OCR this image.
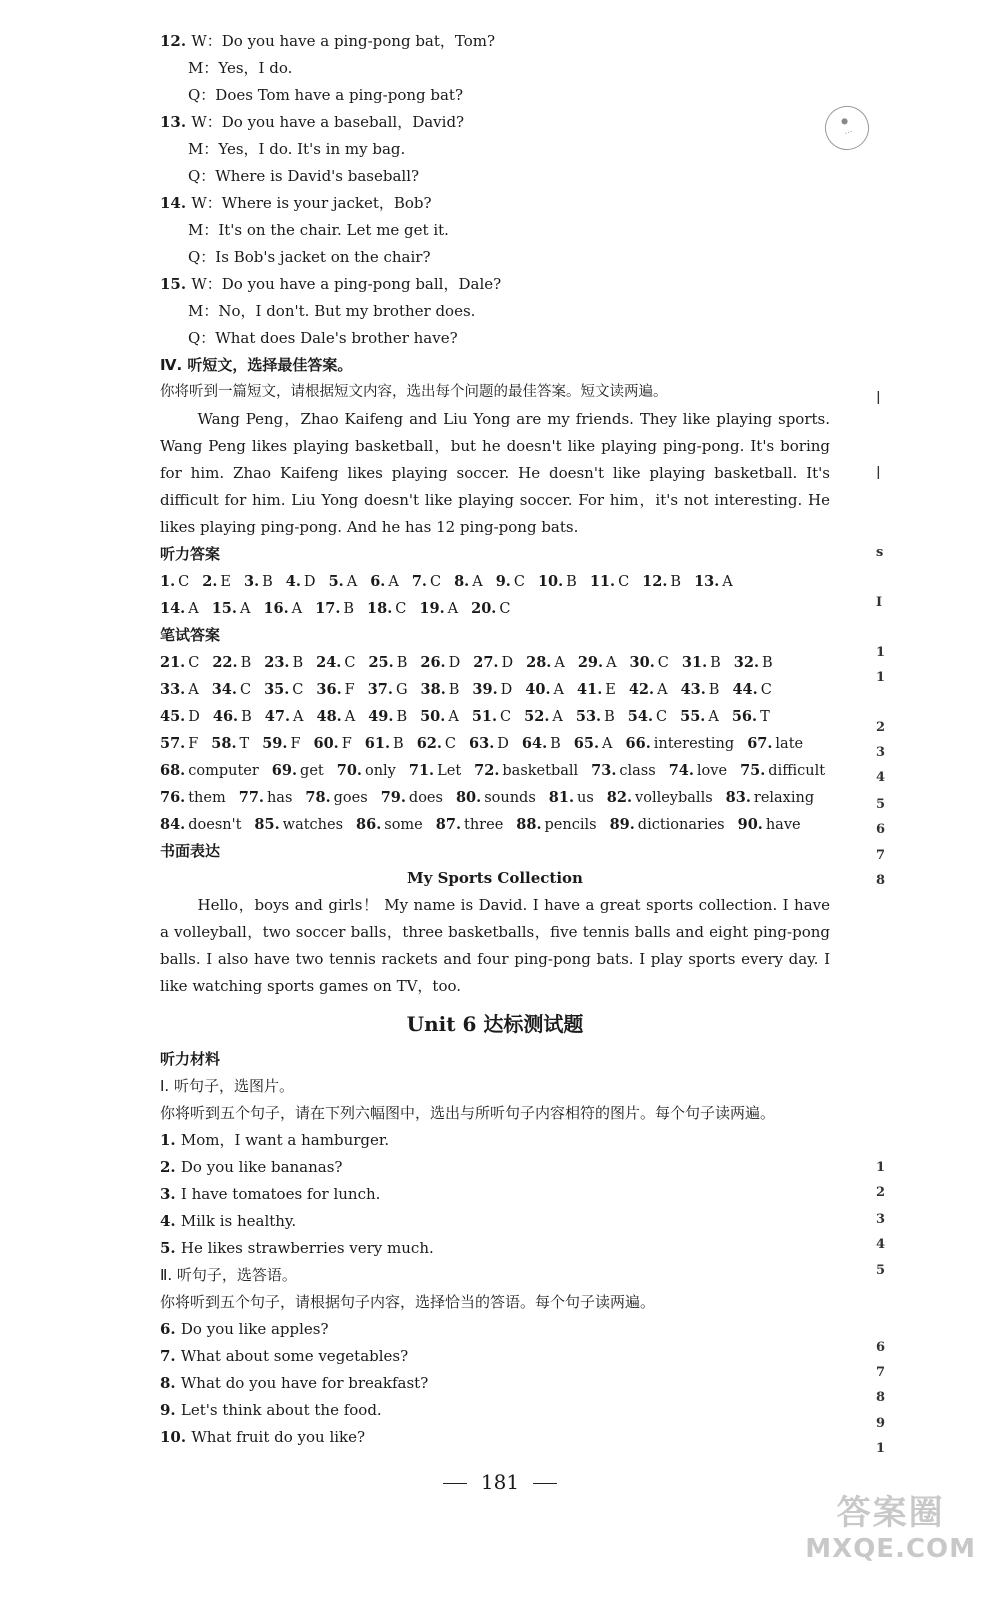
12. W：Do you have a ping-pong bat，Tom?
M：Yes，I do.
Q：Does Tom have a ping-pong bat?
13. W：Do you have a baseball，David?
M：Yes，I do. It's in my bag.
Q：Where is David's baseball?
14. W：Where is your jacket，Bob?
M：It's on the chair. Let me get it.
Q：Is Bob's jacket on the chair?
15. W：Do you have a ping-pong ball，Dale?
M：No，I don't. But my brother does.
Q：What does Dale's brother have?
Ⅳ. 听短文，选择最佳答案。
你将听到一篇短文，请根据短文内容，选出每个问题的最佳答案。短文读两遍。

Wang Peng，Zhao Kaifeng and Liu Yong are my friends. They like playing sports. Wang Peng likes playing basketball，but he doesn't like playing ping-pong. It's boring for him. Zhao Kaifeng likes playing soccer. He doesn't like playing basketball. It's difficult for him. Liu Yong doesn't like playing soccer. For him，it's not interesting. He likes playing ping-pong. And he has 12 ping-pong bats.

听力答案
1. C 2. E 3. B 4. D 5. A 6. A 7. C 8. A 9. C 10. B 11. C 12. B 13. A
14. A 15. A 16. A 17. B 18. C 19. A 20. C
笔试答案
21. C 22. B 23. B 24. C 25. B 26. D 27. D 28. A 29. A 30. C 31. B 32. B
33. A 34. C 35. C 36. F 37. G 38. B 39. D 40. A 41. E 42. A 43. B 44. C
45. D 46. B 47. A 48. A 49. B 50. A 51. C 52. A 53. B 54. C 55. A 56. T
57. F 58. T 59. F 60. F 61. B 62. C 63. D 64. B 65. A 66. interesting 67. late
68. computer 69. get 70. only 71. Let 72. basketball 73. class 74. love 75. difficult
76. them 77. has 78. goes 79. does 80. sounds 81. us 82. volleyballs 83. relaxing
84. doesn't 85. watches 86. some 87. three 88. pencils 89. dictionaries 90. have
书面表达
My Sports Collection

Hello，boys and girls！ My name is David. I have a great sports collection. I have a volleyball，two soccer balls，three basketballs，five tennis balls and eight ping-pong balls. I also have two tennis rackets and four ping-pong bats. I play sports every day. I like watching sports games on TV，too.

Unit 6 达标测试题
听力材料
Ⅰ. 听句子，选图片。
你将听到五个句子，请在下列六幅图中，选出与所听句子内容相符的图片。每个句子读两遍。
1. Mom，I want a hamburger.
2. Do you like bananas?
3. I have tomatoes for lunch.
4. Milk is healthy.
5. He likes strawberries very much.
Ⅱ. 听句子，选答语。
你将听到五个句子，请根据句子内容，选择恰当的答语。每个句子读两遍。
6. Do you like apples?
7. What about some vegetables?
8. What do you have for breakfast?
9. Let's think about the food.
10. What fruit do you like?
181
●
⋯
|
|
s
I
1
1
2
3
4
5
6
7
8
1
2
3
4
5
6
7
8
9
1
答案圈
MXQE.COM
